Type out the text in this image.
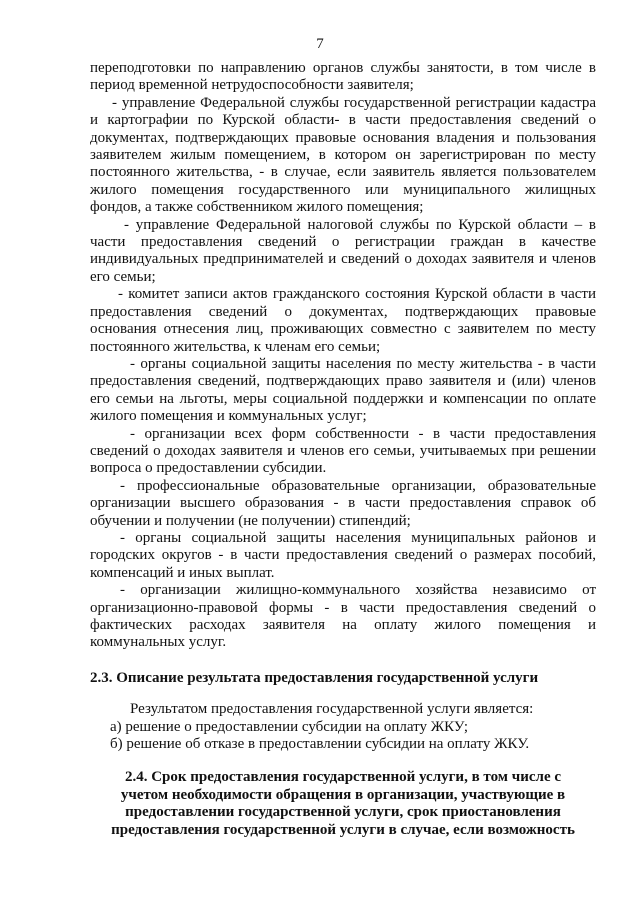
7

переподготовки по направлению органов службы занятости, в том числе в период временной нетрудоспособности заявителя;

- управление Федеральной службы государственной регистрации кадастра и картографии по Курской области- в части предоставления сведений о документах, подтверждающих правовые основания владения и пользования заявителем жилым помещением, в котором он зарегистрирован по месту постоянного жительства, - в случае, если заявитель является пользователем жилого помещения государственного или муниципального жилищных фондов, а также собственником жилого помещения;

- управление Федеральной налоговой службы по Курской области – в части предоставления сведений о регистрации граждан в качестве индивидуальных предпринимателей и сведений о доходах заявителя и членов его семьи;

- комитет записи актов гражданского состояния Курской области в части предоставления сведений о документах, подтверждающих правовые основания отнесения лиц, проживающих совместно с заявителем по месту постоянного жительства, к членам его семьи;

- органы социальной защиты населения по месту жительства - в части предоставления сведений, подтверждающих право заявителя и (или) членов его семьи на льготы, меры социальной поддержки и компенсации по оплате жилого помещения и коммунальных услуг;

- организации всех форм собственности - в части предоставления сведений о доходах заявителя и членов его семьи, учитываемых при решении вопроса о предоставлении субсидии.

- профессиональные образовательные организации, образовательные организации высшего образования - в части предоставления справок об обучении и получении (не получении) стипендий;

- органы социальной защиты населения муниципальных районов и городских округов - в части предоставления сведений о размерах пособий, компенсаций и иных выплат.

- организации жилищно-коммунального хозяйства независимо от организационно-правовой формы - в части предоставления сведений о фактических расходах заявителя на оплату жилого помещения и коммунальных услуг.

2.3. Описание результата предоставления государственной услуги

Результатом предоставления государственной услуги является:

а) решение о предоставлении субсидии на оплату ЖКУ;

б) решение об отказе в предоставлении субсидии на оплату ЖКУ.

2.4. Срок предоставления государственной услуги, в том числе с
учетом необходимости обращения в организации, участвующие в
предоставлении государственной услуги, срок приостановления
предоставления государственной услуги в случае, если возможность
